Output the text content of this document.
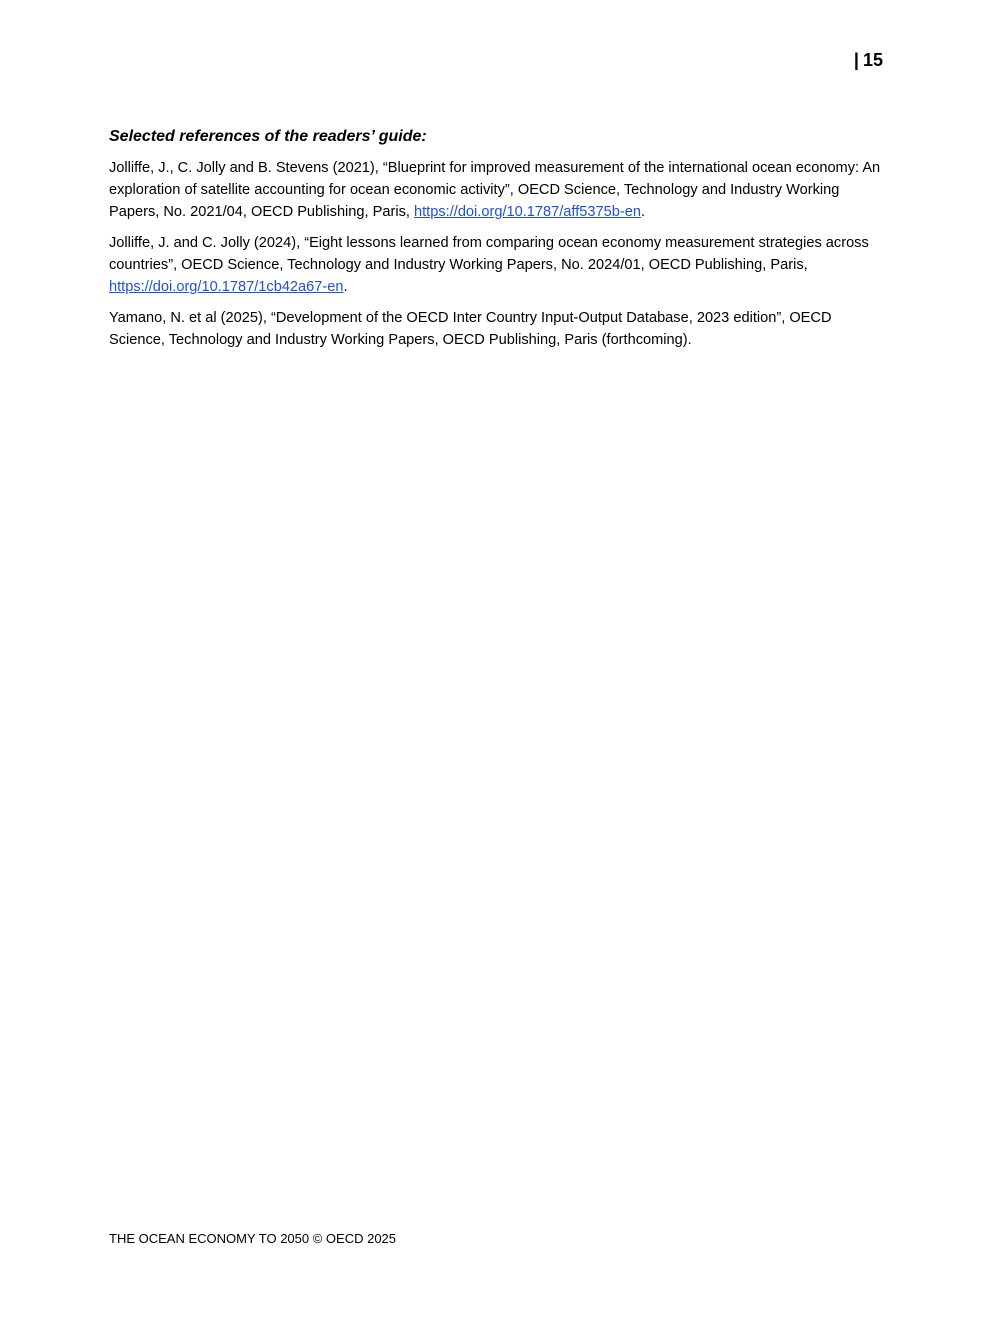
| 15

Selected references of the readers’ guide:

Jolliffe, J., C. Jolly and B. Stevens (2021), “Blueprint for improved measurement of the international ocean economy: An exploration of satellite accounting for ocean economic activity”, OECD Science, Technology and Industry Working Papers, No. 2021/04, OECD Publishing, Paris, https://doi.org/10.1787/aff5375b-en.

Jolliffe, J. and C. Jolly (2024), “Eight lessons learned from comparing ocean economy measurement strategies across countries”, OECD Science, Technology and Industry Working Papers, No. 2024/01, OECD Publishing, Paris, https://doi.org/10.1787/1cb42a67-en.

Yamano, N. et al (2025), “Development of the OECD Inter Country Input-Output Database, 2023 edition”, OECD Science, Technology and Industry Working Papers, OECD Publishing, Paris (forthcoming).

THE OCEAN ECONOMY TO 2050 © OECD 2025
